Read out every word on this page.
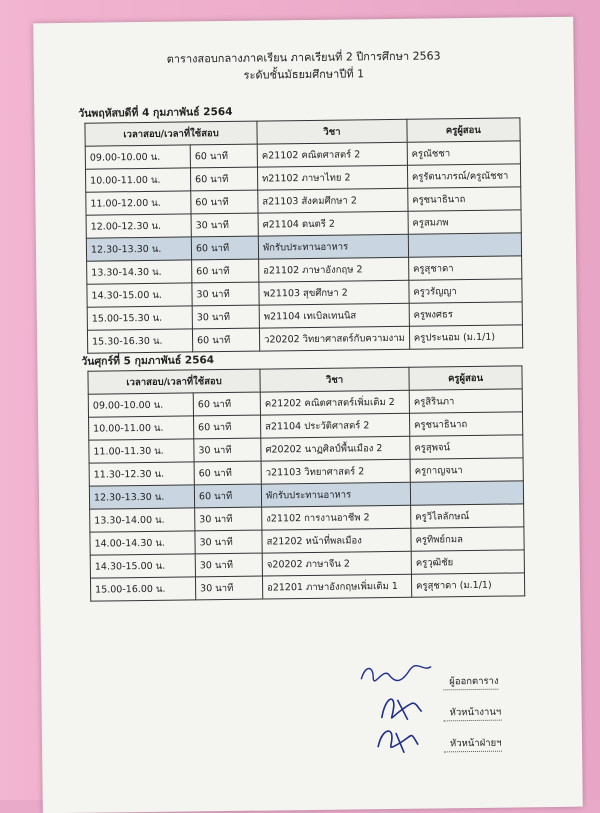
ตารางสอบกลางภาคเรียน ภาคเรียนที่ 2 ปีการศึกษา 2563
ระดับชั้นมัธยมศึกษาปีที่ 1
วันพฤหัสบดีที่ 4 กุมภาพันธ์ 2564
เวลาสอบ/เวลาที่ใช้สอบ		วิชา	ครูผู้สอน
09.00-10.00 น.	60 นาที	ค21102 คณิตศาสตร์ 2	ครูณัชชา
10.00-11.00 น.	60 นาที	ท21102 ภาษาไทย 2	ครูรัตนาภรณ์/ครูณัชชา
11.00-12.00 น.	60 นาที	ส21103 สังคมศึกษา 2	ครูชนาธินาถ
12.00-12.30 น.	30 นาที	ศ21104 ดนตรี 2	ครูสมภพ
12.30-13.30 น.	60 นาที	พักรับประทานอาหาร	
13.30-14.30 น.	60 นาที	อ21102 ภาษาอังกฤษ 2	ครูสุชาดา
14.30-15.00 น.	30 นาที	พ21103 สุขศึกษา 2	ครูวรัญญา
15.00-15.30 น.	30 นาที	พ21104 เทเบิลเทนนิส	ครูพงศธร
15.30-16.30 น.	60 นาที	ว20202 วิทยาศาสตร์กับความงาม	ครูประนอม (ม.1/1)
วันศุกร์ที่ 5 กุมภาพันธ์ 2564
เวลาสอบ/เวลาที่ใช้สอบ		วิชา	ครูผู้สอน
09.00-10.00 น.	60 นาที	ค21202 คณิตศาสตร์เพิ่มเติม 2	ครูสิรินภา
10.00-11.00 น.	60 นาที	ส21104 ประวัติศาสตร์ 2	ครูชนาธินาถ
11.00-11.30 น.	30 นาที	ศ20202 นาฏศิลป์พื้นเมือง 2	ครูสุพจน์
11.30-12.30 น.	60 นาที	ว21103 วิทยาศาสตร์ 2	ครูกาญจนา
12.30-13.30 น.	60 นาที	พักรับประทานอาหาร	
13.30-14.00 น.	30 นาที	ง21102 การงานอาชีพ 2	ครูวิไลลักษณ์
14.00-14.30 น.	30 นาที	ส21202 หน้าที่พลเมือง	ครูทิพย์กมล
14.30-15.00 น.	30 นาที	จ20202 ภาษาจีน 2	ครูวุฒิชัย
15.00-16.00 น.	30 นาที	อ21201 ภาษาอังกฤษเพิ่มเติม 1	ครูสุชาดา (ม.1/1)
ผู้ออกตาราง
หัวหน้างานฯ
หัวหน้าฝ่ายฯ
